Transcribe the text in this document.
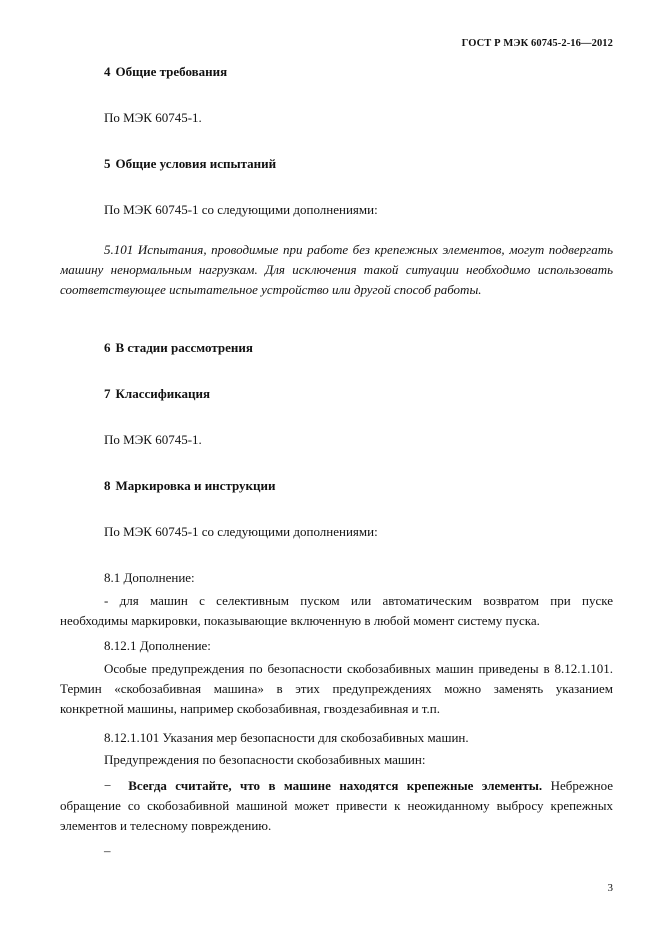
ГОСТ Р МЭК 60745-2-16—2012
4 Общие требования
По МЭК 60745-1.
5 Общие условия испытаний
По МЭК 60745-1 со следующими дополнениями:
5.101 Испытания, проводимые при работе без крепежных элементов, могут подвергать
машину ненормальным нагрузкам. Для исключения такой ситуации необходимо использовать
соответствующее испытательное устройство или другой способ работы.
6 В стадии рассмотрения
7 Классификация
По МЭК 60745-1.
8 Маркировка и инструкции
По МЭК 60745-1 со следующими дополнениями:
8.1 Дополнение:
- для машин с селективным пуском или автоматическим возвратом при пуске
необходимы маркировки, показывающие включенную в любой момент систему пуска.
8.12.1 Дополнение:
Особые предупреждения по безопасности скобозабивных машин приведены в 8.12.1.101.
Термин «скобозабивная машина» в этих предупреждениях можно заменять указанием
конкретной машины, например скобозабивная, гвоздезабивная и т.п.
8.12.1.101 Указания мер безопасности для скобозабивных машин.
Предупреждения по безопасности скобозабивных машин:
− Всегда считайте, что в машине находятся крепежные элементы. Небрежное
обращение со скобозабивной машиной может привести к неожиданному выбросу крепежных
элементов и телесному повреждению.
–
3
